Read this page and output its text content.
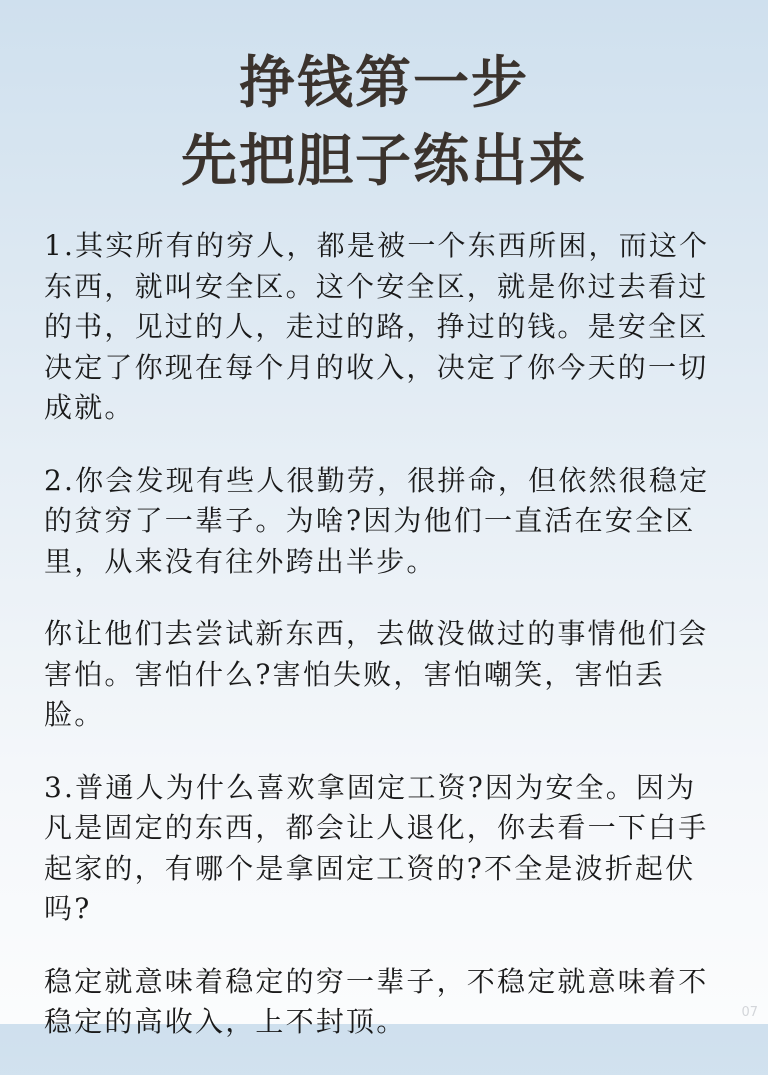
挣钱第一步
先把胆子练出来

1.其实所有的穷人，都是被一个东西所困，而这个东西，就叫安全区。这个安全区，就是你过去看过的书，见过的人，走过的路，挣过的钱。是安全区决定了你现在每个月的收入，决定了你今天的一切成就。

2.你会发现有些人很勤劳，很拼命，但依然很稳定的贫穷了一辈子。为啥?因为他们一直活在安全区里，从来没有往外跨出半步。

你让他们去尝试新东西，去做没做过的事情他们会害怕。害怕什么?害怕失败，害怕嘲笑，害怕丢脸。

3.普通人为什么喜欢拿固定工资?因为安全。因为凡是固定的东西，都会让人退化，你去看一下白手起家的，有哪个是拿固定工资的?不全是波折起伏吗?

稳定就意味着稳定的穷一辈子，不稳定就意味着不稳定的高收入，上不封顶。	07
